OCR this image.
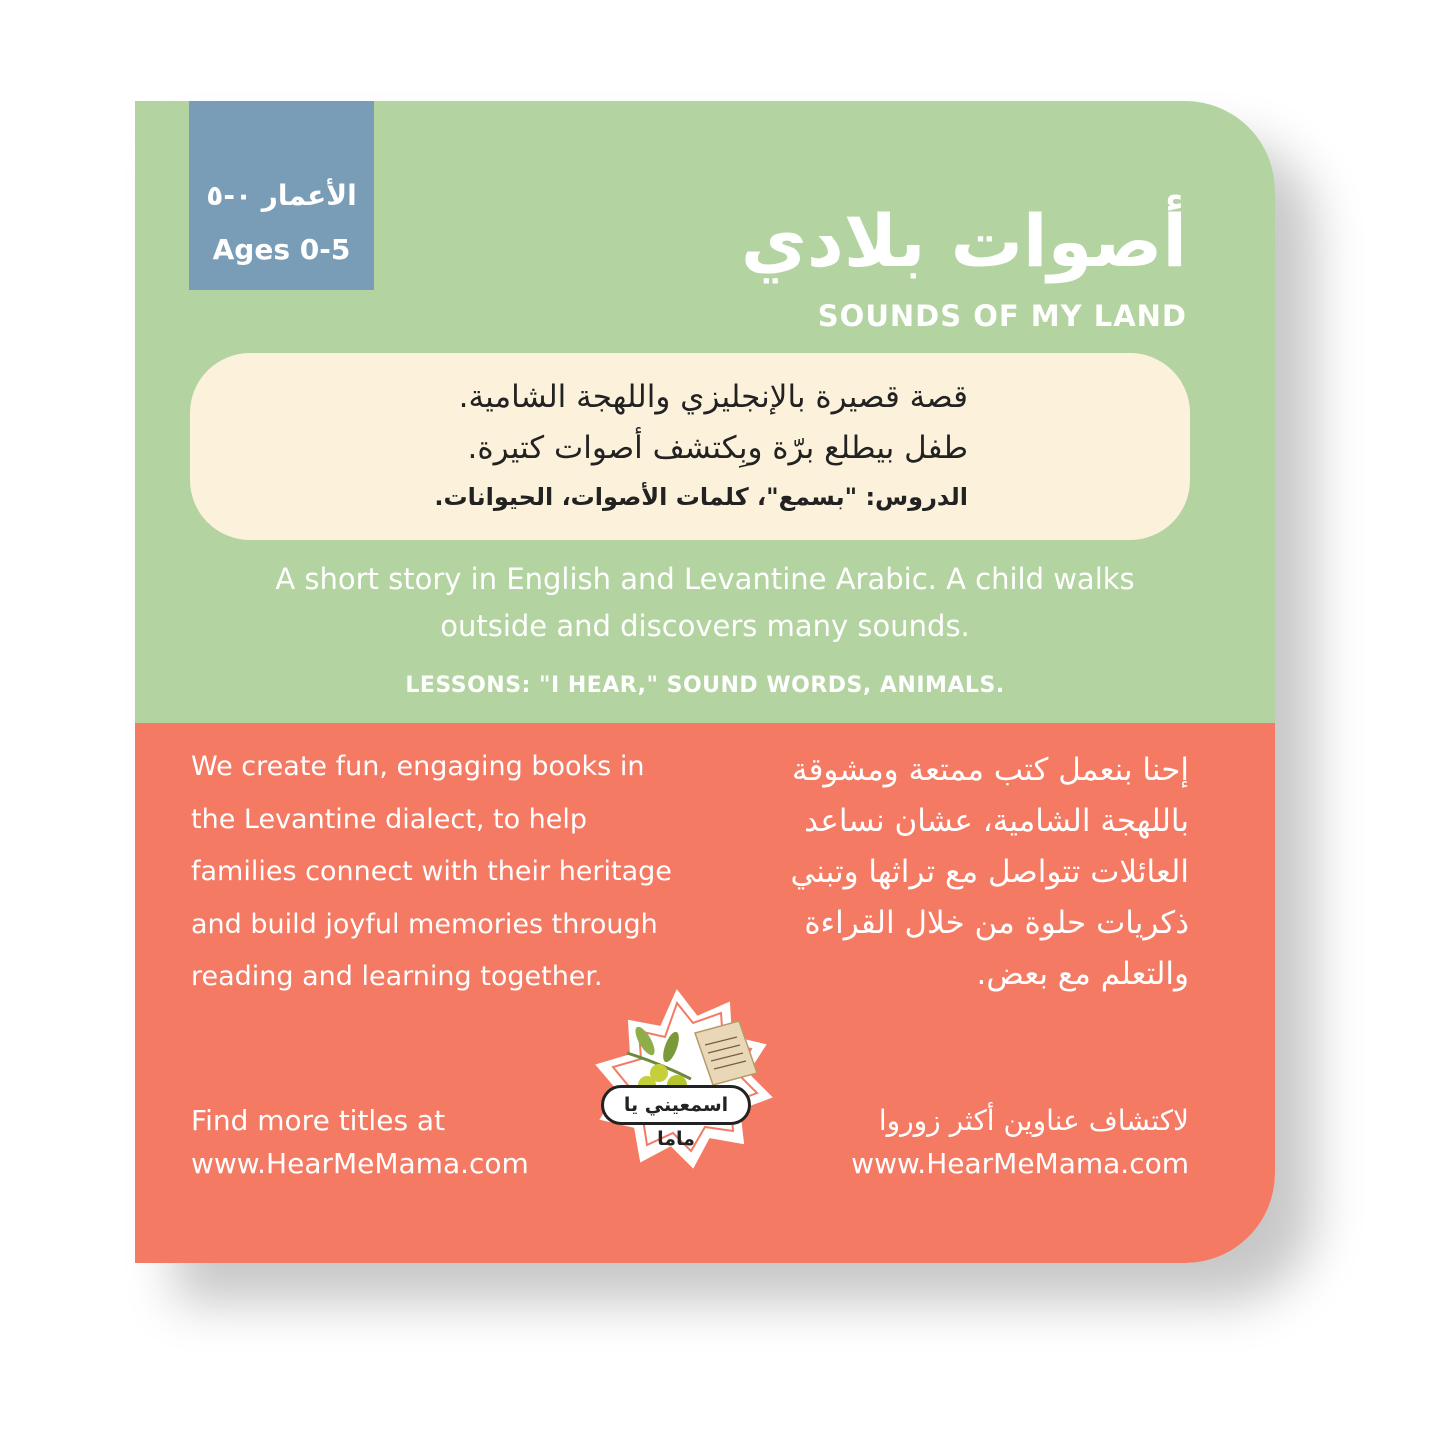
الأعمار ٠-٥
Ages 0-5	أصوات بلادي
SOUNDS OF MY LAND
قصة قصيرة بالإنجليزي واللهجة الشامية.
طفل بيطلع برّة وبِكتشف أصوات كتيرة.
الدروس: "بسمع"، كلمات الأصوات، الحيوانات.
A short story in English and Levantine Arabic. A child walks
outside and discovers many sounds.
LESSONS: "I HEAR," SOUND WORDS, ANIMALS.
We create fun, engaging books in
the Levantine dialect, to help
families connect with their heritage
and build joyful memories through
reading and learning together.
إحنا بنعمل كتب ممتعة ومشوقة
باللهجة الشامية، عشان نساعد
العائلات تتواصل مع تراثها وتبني
ذكريات حلوة من خلال القراءة
والتعلم مع بعض.
Find more titles at
www.HearMeMama.com
لاكتشاف عناوين أكثر زوروا
www.HearMeMama.com
اسمعيني يا ماما
